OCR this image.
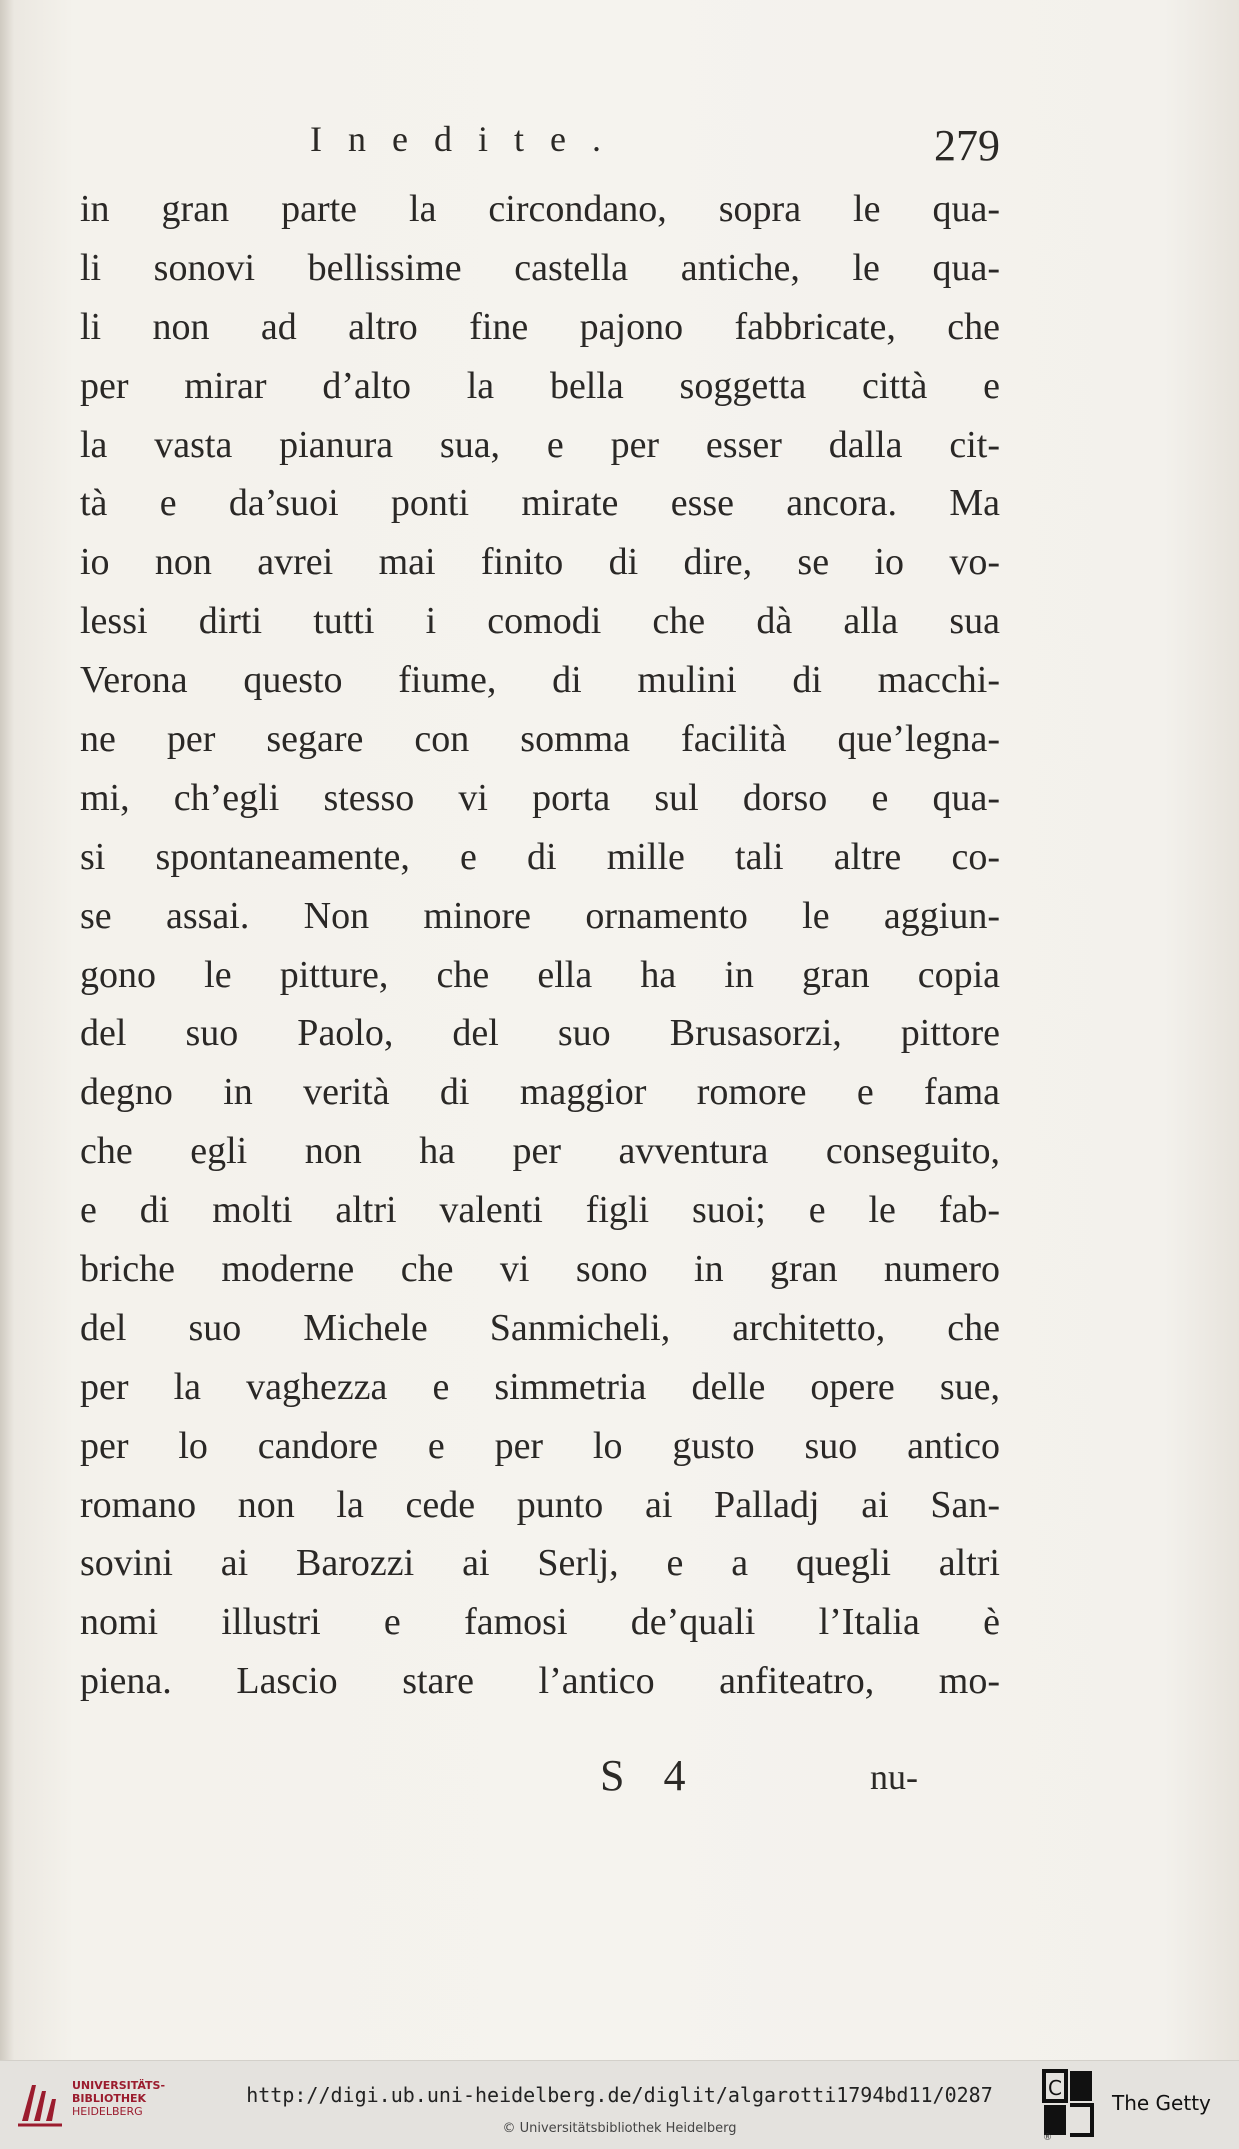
Inedite.	279
in gran parte la circondano, sopra le qua-
li sonovi bellissime castella antiche, le qua-
li non ad altro fine pajono fabbricate, che
per mirar d’alto la bella soggetta città e
la vasta pianura sua, e per esser dalla cit-
tà e da’suoi ponti mirate esse ancora. Ma
io non avrei mai finito di dire, se io vo-
lessi dirti tutti i comodi che dà alla sua
Verona questo fiume, di mulini di macchi-
ne per segare con somma facilità que’legna-
mi, ch’egli stesso vi porta sul dorso e qua-
si spontaneamente, e di mille tali altre co-
se assai. Non minore ornamento le aggiun-
gono le pitture, che ella ha in gran copia
del suo Paolo, del suo Brusasorzi, pittore
degno in verità di maggior romore e fama
che egli non ha per avventura conseguito,
e di molti altri valenti figli suoi; e le fab-
briche moderne che vi sono in gran numero
del suo Michele Sanmicheli, architetto, che
per la vaghezza e simmetria delle opere sue,
per lo candore e per lo gusto suo antico
romano non la cede punto ai Palladj ai San-
sovini ai Barozzi ai Serlj, e a quegli altri
nomi illustri e famosi de’quali l’Italia è
piena. Lascio stare l’antico anfiteatro, mo-
S 4	nu-
UNIVERSITÄTS-
BIBLIOTHEK
HEIDELBERG
http://digi.ub.uni-heidelberg.de/diglit/algarotti1794bd11/0287
© Universitätsbibliothek Heidelberg
C
®
The Getty
